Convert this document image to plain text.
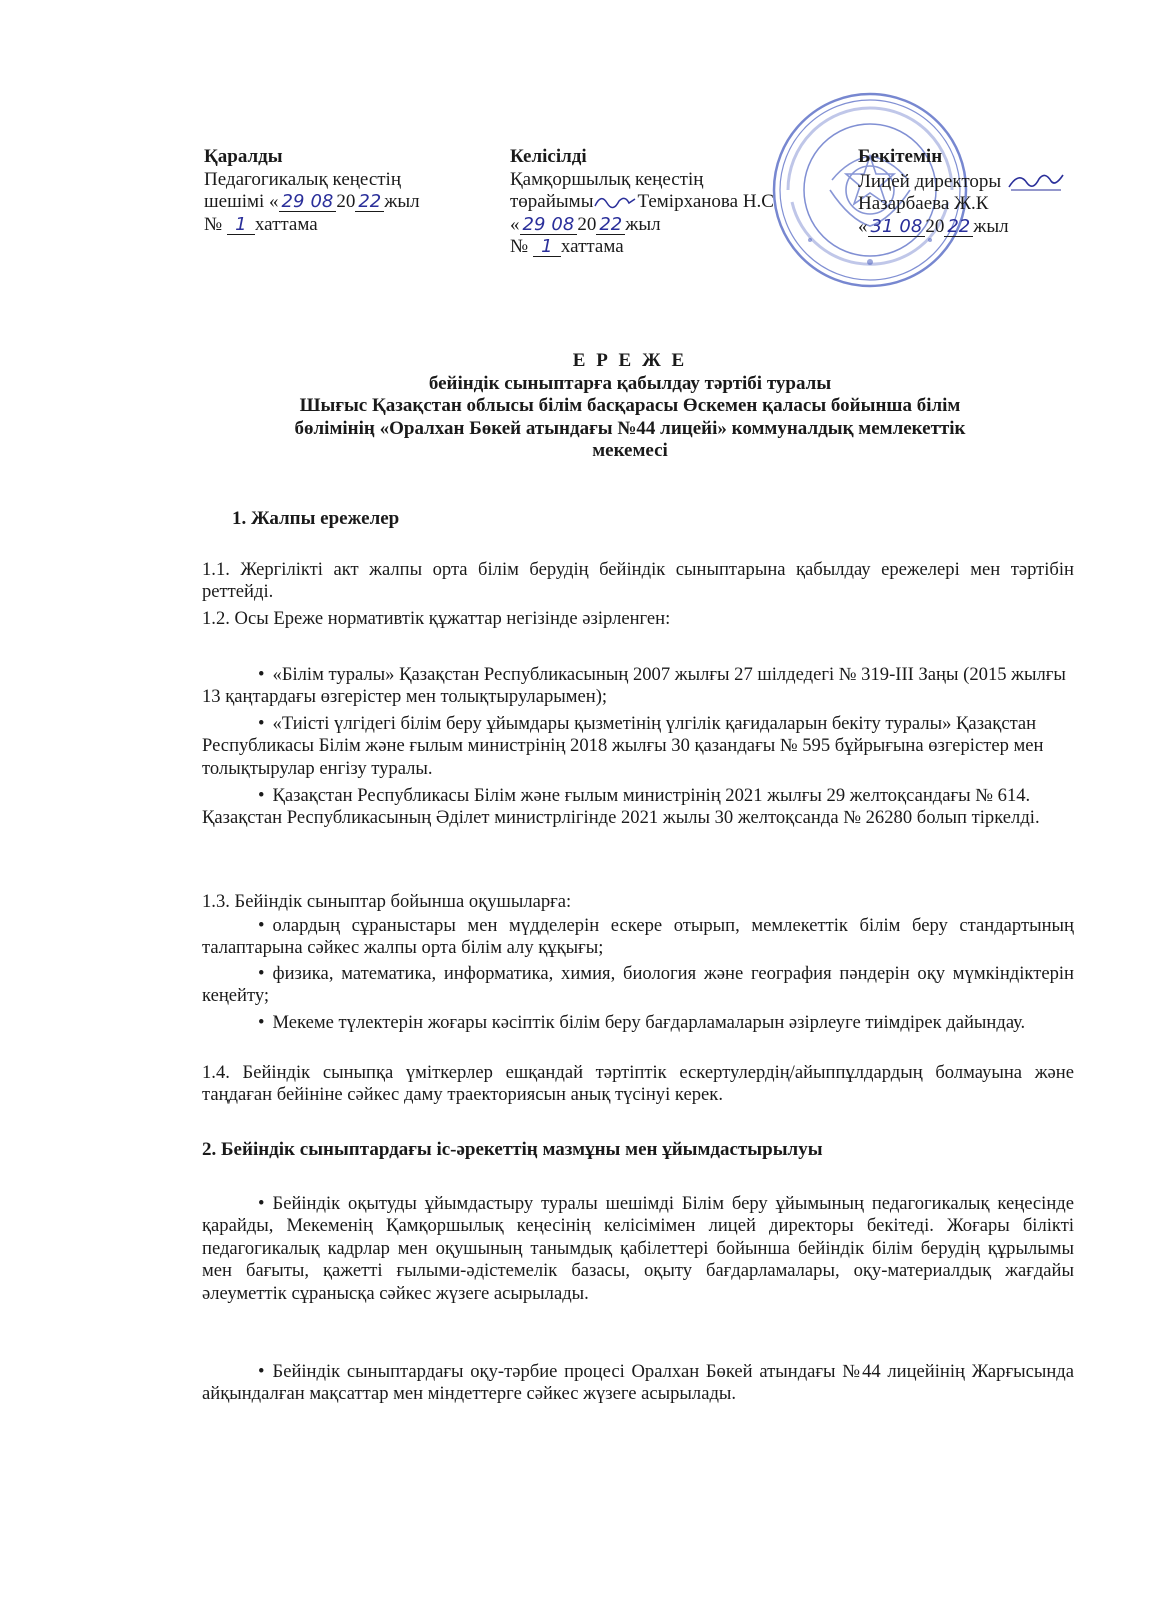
Қаралды
Педагогикалық кеңестің
шешімі « 29 08 20 22 жыл
№ 1 хаттама
Келісілді
Қамқоршылық кеңестің
төрайымы Темірханова Н.С
« 29 08 20 22 жыл
№ 1 хаттама
Бекітемін
Лицей директоры
Назарбаева Ж.К
« 31 08 20 22 жыл
Е Р Е Ж Е
бейіндік сыныптарға қабылдау тәртібі туралы
Шығыс Қазақстан облысы білім басқарасы Өскемен қаласы бойынша білім
бөлімінің «Оралхан Бөкей атындағы №44 лицейі» коммуналдық мемлекеттік
мекемесі
1. Жалпы ережелер
1.1. Жергілікті акт жалпы орта білім берудің бейіндік сыныптарына қабылдау ережелері мен тәртібін реттейді.
1.2. Осы Ереже нормативтік құжаттар негізінде әзірленген:
• «Білім туралы» Қазақстан Республикасының 2007 жылғы 27 шілдедегі № 319-III Заңы (2015 жылғы 13 қаңтардағы өзгерістер мен толықтыруларымен);
• «Тиісті үлгідегі білім беру ұйымдары қызметінің үлгілік қағидаларын бекіту туралы» Қазақстан Республикасы Білім және ғылым министрінің 2018 жылғы 30 қазандағы № 595 бұйрығына өзгерістер мен толықтырулар енгізу туралы.
• Қазақстан Республикасы Білім және ғылым министрінің 2021 жылғы 29 желтоқсандағы № 614. Қазақстан Республикасының Әділет министрлігінде 2021 жылы 30 желтоқсанда № 26280 болып тіркелді.
1.3. Бейіндік сыныптар бойынша оқушыларға:
• олардың сұраныстары мен мүдделерін ескере отырып, мемлекеттік білім беру стандартының талаптарына сәйкес жалпы орта білім алу құқығы;
• физика, математика, информатика, химия, биология және география пәндерін оқу мүмкіндіктерін кеңейту;
• Мекеме түлектерін жоғары кәсіптік білім беру бағдарламаларын әзірлеуге тиімдірек дайындау.
1.4. Бейіндік сыныпқа үміткерлер ешқандай тәртіптік ескертулердің/айыппұлдардың болмауына және таңдаған бейініне сәйкес даму траекториясын анық түсінуі керек.
2. Бейіндік сыныптардағы іс-әрекеттің мазмұны мен ұйымдастырылуы
• Бейіндік оқытуды ұйымдастыру туралы шешімді Білім беру ұйымының педагогикалық кеңесінде қарайды, Мекеменің Қамқоршылық кеңесінің келісімімен лицей директоры бекітеді. Жоғары білікті педагогикалық кадрлар мен оқушының танымдық қабілеттері бойынша бейіндік білім берудің құрылымы мен бағыты, қажетті ғылыми-әдістемелік базасы, оқыту бағдарламалары, оқу-материалдық жағдайы әлеуметтік сұранысқа сәйкес жүзеге асырылады.
• Бейіндік сыныптардағы оқу-тәрбие процесі Оралхан Бөкей атындағы №44 лицейінің Жарғысында айқындалған мақсаттар мен міндеттерге сәйкес жүзеге асырылады.
